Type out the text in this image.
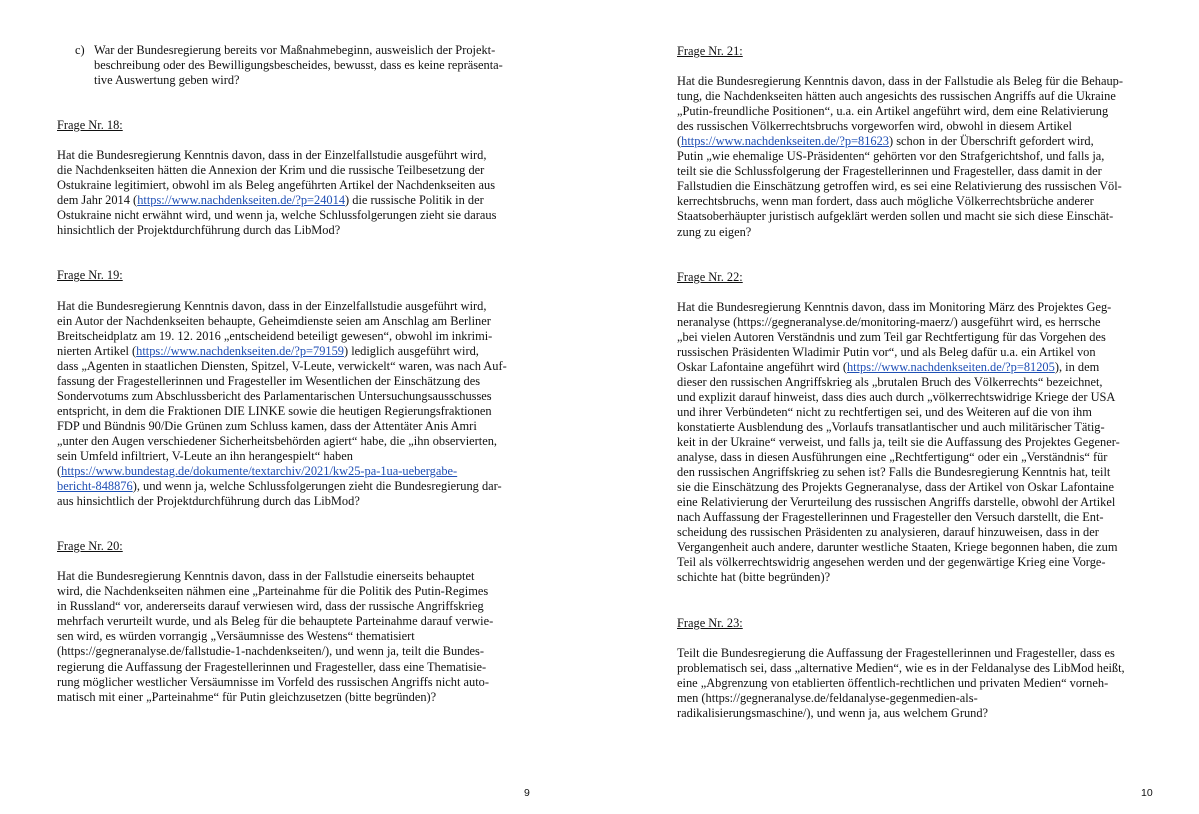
c) War der Bundesregierung bereits vor Maßnahmebeginn, ausweislich der Projekt-
beschreibung oder des Bewilligungsbescheides, bewusst, dass es keine repräsenta-
tive Auswertung geben wird?
Frage Nr. 18:
Hat die Bundesregierung Kenntnis davon, dass in der Einzelfallstudie ausgeführt wird,
die Nachdenkseiten hätten die Annexion der Krim und die russische Teilbesetzung der
Ostukraine legitimiert, obwohl im als Beleg angeführten Artikel der Nachdenkseiten aus
dem Jahr 2014 (https://www.nachdenkseiten.de/?p=24014) die russische Politik in der
Ostukraine nicht erwähnt wird, und wenn ja, welche Schlussfolgerungen zieht sie daraus
hinsichtlich der Projektdurchführung durch das LibMod?
Frage Nr. 19:
Hat die Bundesregierung Kenntnis davon, dass in der Einzelfallstudie ausgeführt wird,
ein Autor der Nachdenkseiten behaupte, Geheimdienste seien am Anschlag am Berliner
Breitscheidplatz am 19. 12. 2016 „entscheidend beteiligt gewesen“, obwohl im inkrimi-
nierten Artikel (https://www.nachdenkseiten.de/?p=79159) lediglich ausgeführt wird,
dass „Agenten in staatlichen Diensten, Spitzel, V-Leute, verwickelt“ waren, was nach Auf-
fassung der Fragestellerinnen und Fragesteller im Wesentlichen der Einschätzung des
Sondervotums zum Abschlussbericht des Parlamentarischen Untersuchungsausschusses
entspricht, in dem die Fraktionen DIE LINKE sowie die heutigen Regierungsfraktionen
FDP und Bündnis 90/Die Grünen zum Schluss kamen, dass der Attentäter Anis Amri
„unter den Augen verschiedener Sicherheitsbehörden agiert“ habe, die „ihn observierten,
sein Umfeld infiltriert, V-Leute an ihn herangespielt“ haben
(https://www.bundestag.de/dokumente/textarchiv/2021/kw25-pa-1ua-uebergabe-
bericht-848876), und wenn ja, welche Schlussfolgerungen zieht die Bundesregierung dar-
aus hinsichtlich der Projektdurchführung durch das LibMod?
Frage Nr. 20:
Hat die Bundesregierung Kenntnis davon, dass in der Fallstudie einerseits behauptet
wird, die Nachdenkseiten nähmen eine „Parteinahme für die Politik des Putin-Regimes
in Russland“ vor, andererseits darauf verwiesen wird, dass der russische Angriffskrieg
mehrfach verurteilt wurde, und als Beleg für die behauptete Parteinahme darauf verwie-
sen wird, es würden vorrangig „Versäumnisse des Westens“ thematisiert
(https://gegneranalyse.de/fallstudie-1-nachdenkseiten/), und wenn ja, teilt die Bundes-
regierung die Auffassung der Fragestellerinnen und Fragesteller, dass eine Thematisie-
rung möglicher westlicher Versäumnisse im Vorfeld des russischen Angriffs nicht auto-
matisch mit einer „Parteinahme“ für Putin gleichzusetzen (bitte begründen)?
9
Frage Nr. 21:
Hat die Bundesregierung Kenntnis davon, dass in der Fallstudie als Beleg für die Behaup-
tung, die Nachdenkseiten hätten auch angesichts des russischen Angriffs auf die Ukraine
„Putin-freundliche Positionen“, u.a. ein Artikel angeführt wird, dem eine Relativierung
des russischen Völkerrechtsbruchs vorgeworfen wird, obwohl in diesem Artikel
(https://www.nachdenkseiten.de/?p=81623) schon in der Überschrift gefordert wird,
Putin „wie ehemalige US-Präsidenten“ gehörten vor den Strafgerichtshof, und falls ja,
teilt sie die Schlussfolgerung der Fragestellerinnen und Fragesteller, dass damit in der
Fallstudien die Einschätzung getroffen wird, es sei eine Relativierung des russischen Völ-
kerrechtsbruchs, wenn man fordert, dass auch mögliche Völkerrechtsbrüche anderer
Staatsoberhäupter juristisch aufgeklärt werden sollen und macht sie sich diese Einschät-
zung zu eigen?
Frage Nr. 22:
Hat die Bundesregierung Kenntnis davon, dass im Monitoring März des Projektes Geg-
neranalyse (https://gegneranalyse.de/monitoring-maerz/) ausgeführt wird, es herrsche
„bei vielen Autoren Verständnis und zum Teil gar Rechtfertigung für das Vorgehen des
russischen Präsidenten Wladimir Putin vor“, und als Beleg dafür u.a. ein Artikel von
Oskar Lafontaine angeführt wird (https://www.nachdenkseiten.de/?p=81205), in dem
dieser den russischen Angriffskrieg als „brutalen Bruch des Völkerrechts“ bezeichnet,
und explizit darauf hinweist, dass dies auch durch „völkerrechtswidrige Kriege der USA
und ihrer Verbündeten“ nicht zu rechtfertigen sei, und des Weiteren auf die von ihm
konstatierte Ausblendung des „Vorlaufs transatlantischer und auch militärischer Tätig-
keit in der Ukraine“ verweist, und falls ja, teilt sie die Auffassung des Projektes Gegener-
analyse, dass in diesen Ausführungen eine „Rechtfertigung“ oder ein „Verständnis“ für
den russischen Angriffskrieg zu sehen ist? Falls die Bundesregierung Kenntnis hat, teilt
sie die Einschätzung des Projekts Gegneranalyse, dass der Artikel von Oskar Lafontaine
eine Relativierung der Verurteilung des russischen Angriffs darstelle, obwohl der Artikel
nach Auffassung der Fragestellerinnen und Fragesteller den Versuch darstellt, die Ent-
scheidung des russischen Präsidenten zu analysieren, darauf hinzuweisen, dass in der
Vergangenheit auch andere, darunter westliche Staaten, Kriege begonnen haben, die zum
Teil als völkerrechtswidrig angesehen werden und der gegenwärtige Krieg eine Vorge-
schichte hat (bitte begründen)?
Frage Nr. 23:
Teilt die Bundesregierung die Auffassung der Fragestellerinnen und Fragesteller, dass es
problematisch sei, dass „alternative Medien“, wie es in der Feldanalyse des LibMod heißt,
eine „Abgrenzung von etablierten öffentlich-rechtlichen und privaten Medien“ vorneh-
men (https://gegneranalyse.de/feldanalyse-gegenmedien-als-
radikalisierungsmaschine/), und wenn ja, aus welchem Grund?
10
